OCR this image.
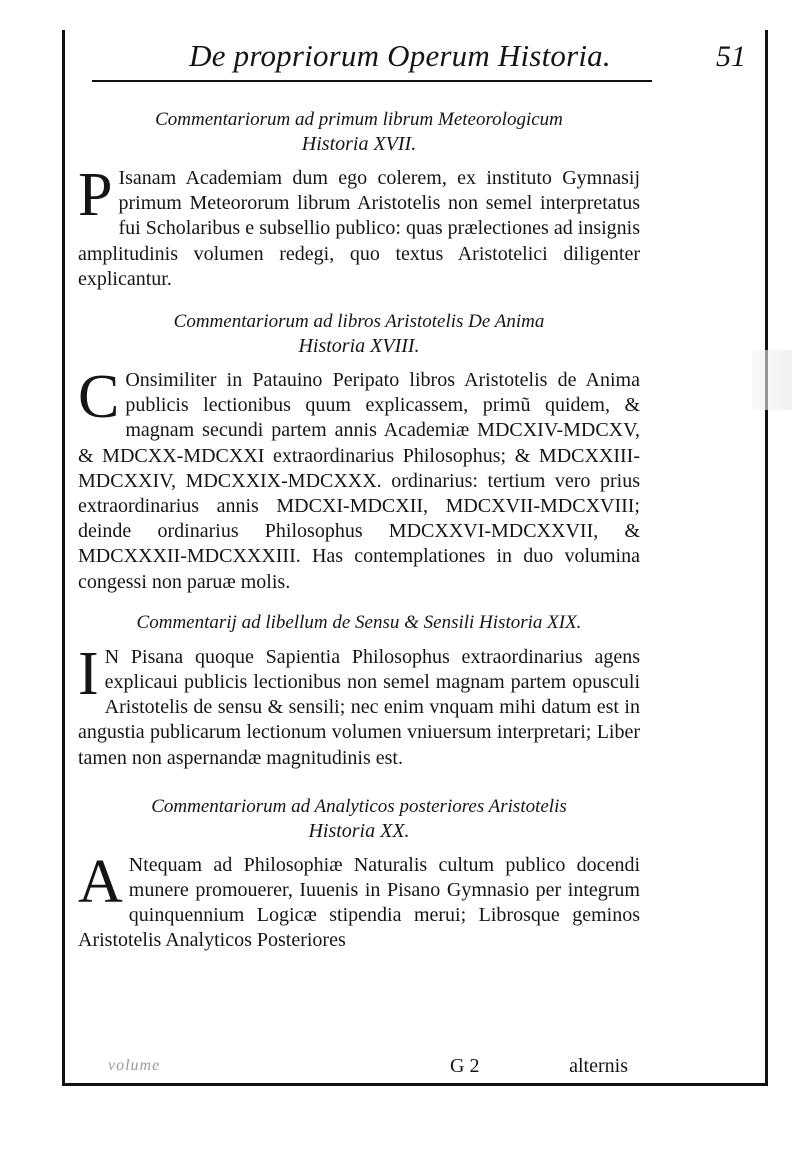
De propriorum Operum Historia.	51
Commentariorum ad primum librum Meteorologicum
Historia XVII.

P Isanam Academiam dum ego colerem, ex instituto Gymnasij primum Meteororum librum Aristotelis non semel interpretatus fui Scholaribus e subsellio publico: quas prælectiones ad insignis amplitudinis volumen redegi, quo textus Aristotelici diligenter explicantur.

Commentariorum ad libros Aristotelis De Anima
Historia XVIII.

C Onsimiliter in Patauino Peripato libros Aristotelis de Anima publicis lectionibus quum explicassem, primũ quidem, & magnam secundi partem annis Academiæ MDCXIV-MDCXV, & MDCXX-MDCXXI extraordinarius Philosophus; & MDCXXIII-MDCXXIV, MDCXXIX-MDCXXX. ordinarius: tertium vero prius extraordinarius annis MDCXI-MDCXII, MDCXVII-MDCXVIII; deinde ordinarius Philosophus MDCXXVI-MDCXXVII, & MDCXXXII-MDCXXXIII. Has contemplationes in duo volumina congessi non paruæ molis.

Commentarij ad libellum de Sensu & Sensili Historia XIX.

I N Pisana quoque Sapientia Philosophus extraordinarius agens explicaui publicis lectionibus non semel magnam partem opusculi Aristotelis de sensu & sensili; nec enim vnquam mihi datum est in angustia publicarum lectionum volumen vniuersum interpretari; Liber tamen non aspernandæ magnitudinis est.

Commentariorum ad Analyticos posteriores Aristotelis
Historia XX.

A Ntequam ad Philosophiæ Naturalis cultum publico docendi munere promouerer, Iuuenis in Pisano Gymnasio per integrum quinquennium Logicæ stipendia merui; Librosque geminos Aristotelis Analyticos Posteriores

volume	G 2	alternis
